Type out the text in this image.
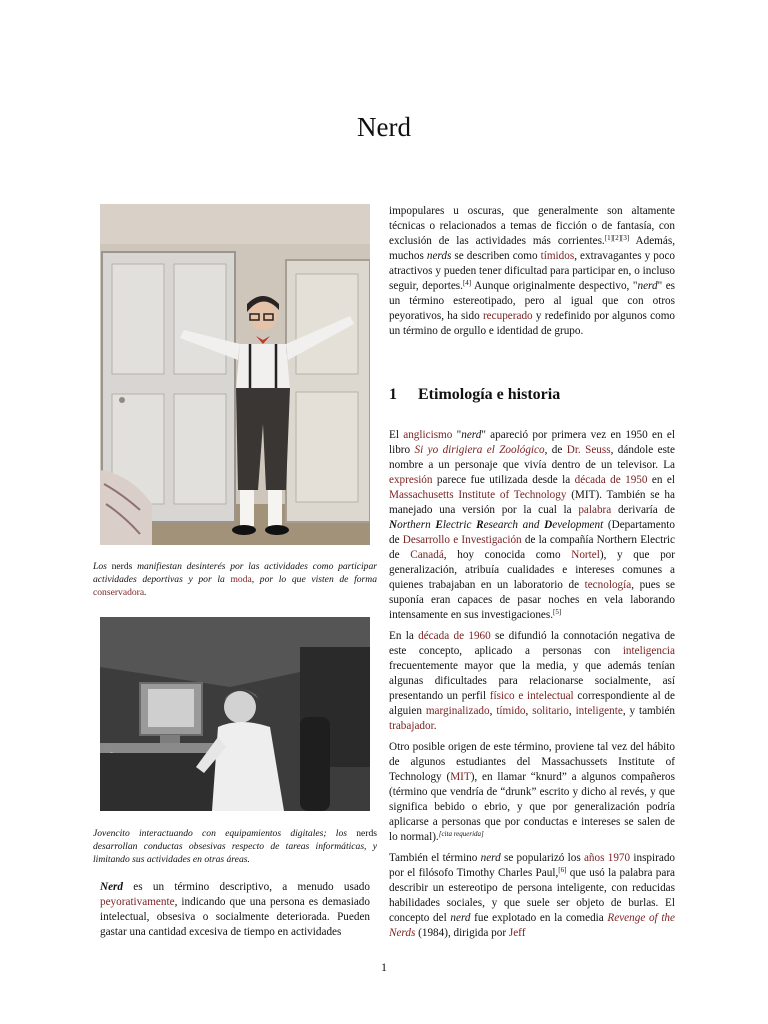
Nerd
Los nerds manifiestan desinterés por las actividades como participar actividades deportivas y por la moda, por lo que visten de forma conservadora.
Jovencito interactuando con equipamientos digitales; los nerds desarrollan conductas obsesivas respecto de tareas informáticas, y limitando sus actividades en otras áreas.

Nerd es un término descriptivo, a menudo usado peyorativamente, indicando que una persona es demasiado intelectual, obsesiva o socialmente deteriorada. Pueden gastar una cantidad excesiva de tiempo en actividades

impopulares u oscuras, que generalmente son altamente técnicas o relacionados a temas de ficción o de fantasía, con exclusión de las actividades más corrientes.[1][2][3] Además, muchos nerds se describen como tímidos, extravagantes y poco atractivos y pueden tener dificultad para participar en, o incluso seguir, deportes.[4] Aunque originalmente despectivo, "nerd" es un término estereotipado, pero al igual que con otros peyorativos, ha sido recuperado y redefinido por algunos como un término de orgullo e identidad de grupo.

1 Etimología e historia

El anglicismo "nerd" apareció por primera vez en 1950 en el libro Si yo dirigiera el Zoológico, de Dr. Seuss, dándole este nombre a un personaje que vivía dentro de un televisor. La expresión parece fue utilizada desde la década de 1950 en el Massachusetts Institute of Technology (MIT). También se ha manejado una versión por la cual la palabra derivaría de Northern Electric Research and Development (Departamento de Desarrollo e Investigación de la compañía Northern Electric de Canadá, hoy conocida como Nortel), y que por generalización, atribuía cualidades e intereses comunes a quienes trabajaban en un laboratorio de tecnología, pues se suponía eran capaces de pasar noches en vela laborando intensamente en sus investigaciones.[5]

En la década de 1960 se difundió la connotación negativa de este concepto, aplicado a personas con inteligencia frecuentemente mayor que la media, y que además tenían algunas dificultades para relacionarse socialmente, así presentando un perfil físico e intelectual correspondiente al de alguien marginalizado, tímido, solitario, inteligente, y también trabajador.

Otro posible origen de este término, proviene tal vez del hábito de algunos estudiantes del Massachussets Institute of Technology (MIT), en llamar “knurd” a algunos compañeros (término que vendría de “drunk” escrito y dicho al revés, y que significa bebido o ebrio, y que por generalización podría aplicarse a personas que por conductas e intereses se salen de lo normal).[cita requerida]

También el término nerd se popularizó los años 1970 inspirado por el filósofo Timothy Charles Paul,[6] que usó la palabra para describir un estereotipo de persona inteligente, con reducidas habilidades sociales, y que suele ser objeto de burlas. El concepto del nerd fue explotado en la comedia Revenge of the Nerds (1984), dirigida por Jeff

1
